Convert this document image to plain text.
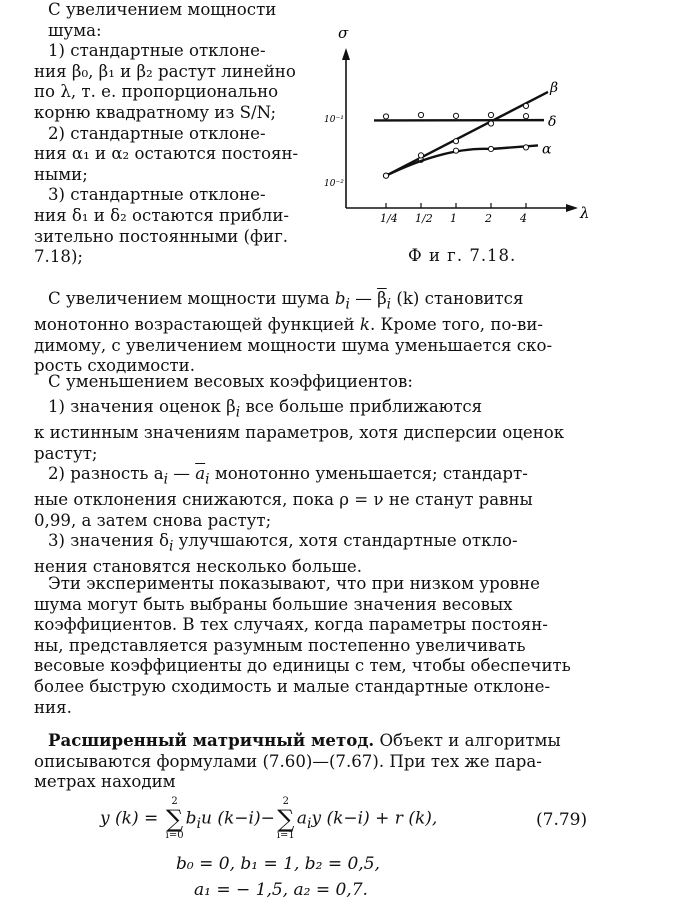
С увеличением мощности
шума:
1) стандартные отклоне-
ния β₀, β₁ и β₂ растут линейно
по λ, т. е. пропорционально
корню квадратному из S/N;
2) стандартные отклоне-
ния α₁ и α₂ остаются постоян-
ными;
3) стандартные отклоне-
ния δ₁ и δ₂ остаются прибли-
зительно постоянными (фиг.
7.18);
σ
λ
10⁻¹
10⁻²
1/4 1/2 1	2	4
β
δ
α
Ф и г. 7.18.
С увеличением мощности шума $b_i$ — $\overline{\beta}_i$ (k) становится
монотонно возрастающей функцией k. Кроме того, по-ви-
димому, с увеличением мощности шума уменьшается ско-
рость сходимости.
С уменьшением весовых коэффициентов:
1) значения оценок $\beta_i$ все больше приближаются
к истинным значениям параметров, хотя дисперсии оценок
растут;
2) разность $a_i$ — $\overline{a}_i$ монотонно уменьшается; стандарт-
ные отклонения снижаются, пока ρ = ν не станут равны
0,99, а затем снова растут;
3) значения $\delta_i$ улучшаются, хотя стандартные откло-
нения становятся несколько больше.
Эти эксперименты показывают, что при низком уровне
шума могут быть выбраны большие значения весовых
коэффициентов. В тех случаях, когда параметры постоян-
ны, представляется разумным постепенно увеличивать
весовые коэффициенты до единицы с тем, чтобы обеспечить
более быструю сходимость и малые стандартные отклоне-
ния.
Расширенный матричный метод. Объект и алгоритмы
описываются формулами (7.60)—(7.67). При тех же пара-
метрах находим
y (k) =
2
∑
i=0
$b_iu$ (k−i)−
2
∑
i=1
$a_iy$ (k−i) + r (k),	(7.79)
b₀ = 0, b₁ = 1, b₂ = 0,5,
a₁ = − 1,5, a₂ = 0,7.
